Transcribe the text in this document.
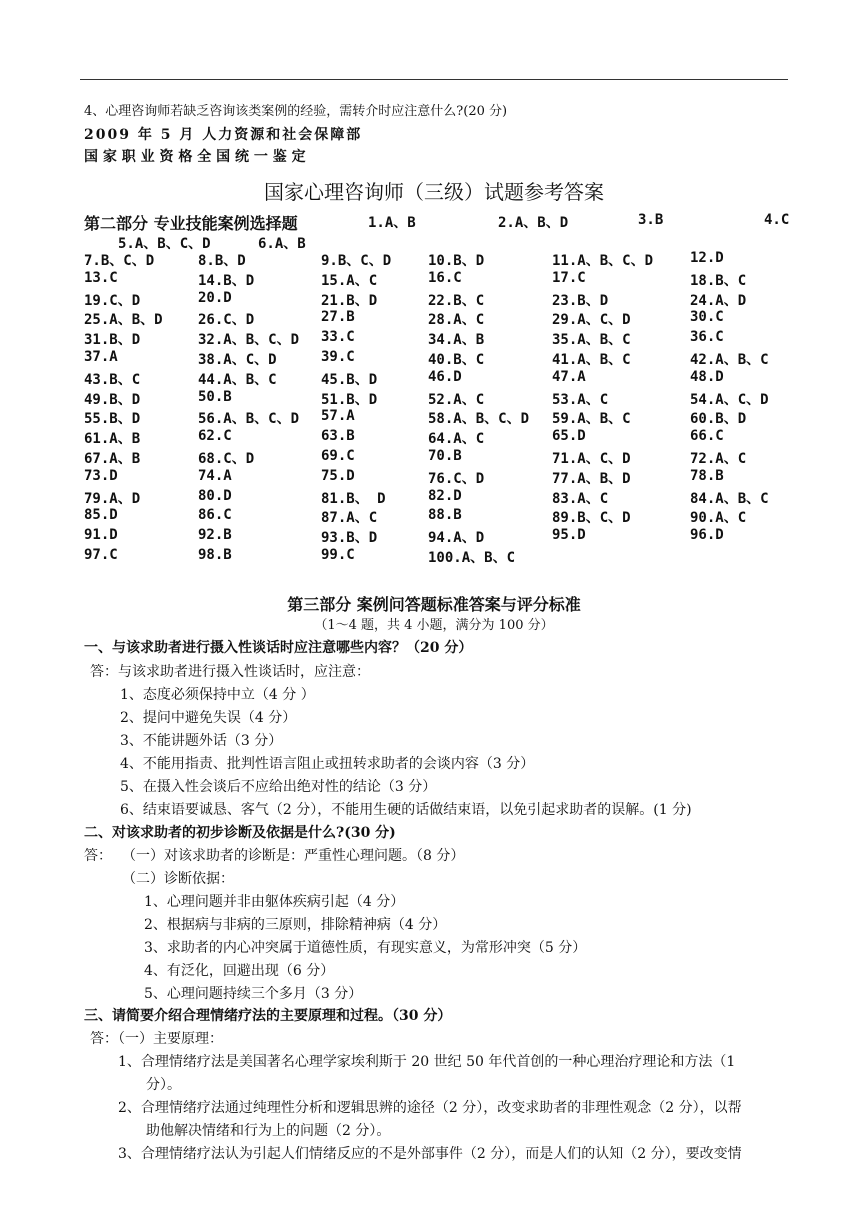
4、心理咨询师若缺乏咨询该类案例的经验，需转介时应注意什么?(20 分)
2009 年 5 月 人力资源和社会保障部
国 家 职 业 资 格 全 国 统 一 鉴 定
国家心理咨询师（三级）试题参考答案
第二部分 专业技能案例选择题	1.A、B	2.A、B、D	3.B	4.C
5.A、B、C、D	6.A、B
7.B、C、D	8.B、D	9.B、C、D	10.B、D	11.A、B、C、D	12.D
13.C	14.B、D	15.A、C	16.C	17.C	18.B、C
19.C、D	20.D	21.B、D	22.B、C	23.B、D	24.A、D
25.A、B、D	26.C、D	27.B	28.A、C	29.A、C、D	30.C
31.B、D	32.A、B、C、D 33.C	34.A、B	35.A、B、C	36.C
37.A	38.A、C、D	39.C	40.B、C	41.A、B、C	42.A、B、C
43.B、C	44.A、B、C	45.B、D	46.D	47.A	48.D
49.B、D	50.B	51.B、D	52.A、C	53.A、C	54.A、C、D
55.B、D	56.A、B、C、D 57.A	58.A、B、C、D 59.A、B、C	60.B、D
61.A、B	62.C	63.B	64.A、C	65.D	66.C
67.A、B	68.C、D	69.C	70.B	71.A、C、D	72.A、C
73.D	74.A	75.D	76.C、D	77.A、B、D	78.B
79.A、D	80.D	81.B、 D	82.D	83.A、C	84.A、B、C
85.D	86.C	87.A、C	88.B	89.B、C、D	90.A、C
91.D	92.B	93.B、D	94.A、D	95.D	96.D
97.C	98.B	99.C	100.A、B、C
第三部分 案例问答题标准答案与评分标准
（1～4 题，共 4 小题，满分为 100 分）
一、与该求助者进行摄入性谈话时应注意哪些内容？（20 分）
答：与该求助者进行摄入性谈话时，应注意：
1、态度必须保持中立（4 分 ）
2、提问中避免失误（4 分）
3、不能讲题外话（3 分）
4、不能用指责、批判性语言阻止或扭转求助者的会谈内容（3 分）
5、在摄入性会谈后不应给出绝对性的结论（3 分）
6、结束语要诚恳、客气（2 分），不能用生硬的话做结束语，以免引起求助者的误解。(1 分)
二、对该求助者的初步诊断及依据是什么?(30 分)
答： （一）对该求助者的诊断是：严重性心理问题。（8 分）
（二）诊断依据：
1、心理问题并非由躯体疾病引起（4 分）
2、根据病与非病的三原则，排除精神病（4 分）
3、求助者的内心冲突属于道德性质，有现实意义，为常形冲突（5 分）
4、有泛化，回避出现（6 分）
5、心理问题持续三个多月（3 分）
三、请简要介绍合理情绪疗法的主要原理和过程。（30 分）
答：（一）主要原理：
1、合理情绪疗法是美国著名心理学家埃利斯于 20 世纪 50 年代首创的一种心理治疗理论和方法（1
分）。
2、合理情绪疗法通过纯理性分析和逻辑思辨的途径（2 分），改变求助者的非理性观念（2 分），以帮
助他解决情绪和行为上的问题（2 分）。
3、合理情绪疗法认为引起人们情绪反应的不是外部事件（2 分），而是人们的认知（2 分），要改变情
